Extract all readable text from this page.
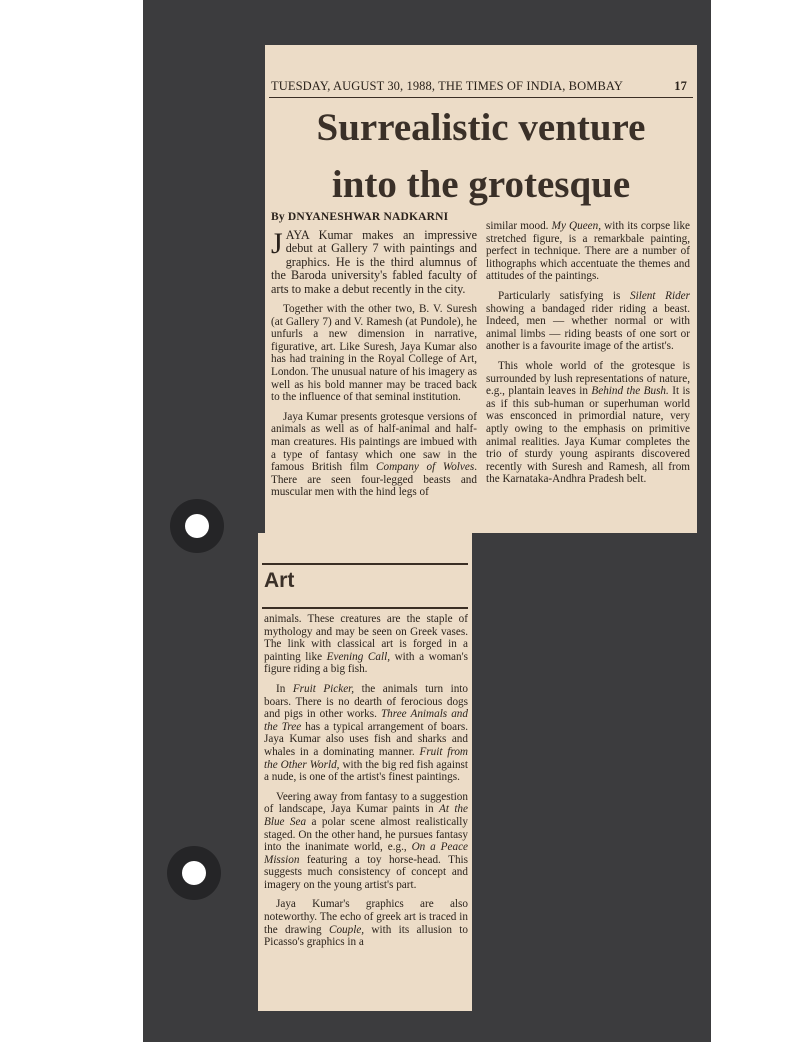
TUESDAY, AUGUST 30, 1988, THE TIMES OF INDIA, BOMBAY	17
Surrealistic venture
into the grotesque
By DNYANESHWAR NADKARNI

JAYA Kumar makes an impressive debut at Gallery 7 with paintings and graphics. He is the third alumnus of the Baroda university's fabled faculty of arts to make a debut recently in the city.

Together with the other two, B. V. Suresh (at Gallery 7) and V. Ramesh (at Pundole), he unfurls a new dimension in narrative, figurative, art. Like Suresh, Jaya Kumar also has had training in the Royal College of Art, London. The unusual nature of his imagery as well as his bold manner may be traced back to the influence of that seminal institution.

Jaya Kumar presents grotesque versions of animals as well as of half-animal and half-man creatures. His paintings are imbued with a type of fantasy which one saw in the famous British film Company of Wolves. There are seen four-legged beasts and muscular men with the hind legs of

similar mood. My Queen, with its corpse like stretched figure, is a remarkbale painting, perfect in technique. There are a number of lithographs which accentuate the themes and attitudes of the paintings.

Particularly satisfying is Silent Rider showing a bandaged rider riding a beast. Indeed, men — whether normal or with animal limbs — riding beasts of one sort or another is a favourite image of the artist's.

This whole world of the grotesque is surrounded by lush representations of nature, e.g., plantain leaves in Behind the Bush. It is as if this sub-human or superhuman world was ensconced in primordial nature, very aptly owing to the emphasis on primitive animal realities. Jaya Kumar completes the trio of sturdy young aspirants discovered recently with Suresh and Ramesh, all from the Karnataka-Andhra Pradesh belt.

Art

animals. These creatures are the staple of mythology and may be seen on Greek vases. The link with classical art is forged in a painting like Evening Call, with a woman's figure riding a big fish.

In Fruit Picker, the animals turn into boars. There is no dearth of ferocious dogs and pigs in other works. Three Animals and the Tree has a typical arrangement of boars. Jaya Kumar also uses fish and sharks and whales in a dominating manner. Fruit from the Other World, with the big red fish against a nude, is one of the artist's finest paintings.

Veering away from fantasy to a suggestion of landscape, Jaya Kumar paints in At the Blue Sea a polar scene almost realistically staged. On the other hand, he pursues fantasy into the inanimate world, e.g., On a Peace Mission featuring a toy horse-head. This suggests much consistency of concept and imagery on the young artist's part.

Jaya Kumar's graphics are also noteworthy. The echo of greek art is traced in the drawing Couple, with its allusion to Picasso's graphics in a
